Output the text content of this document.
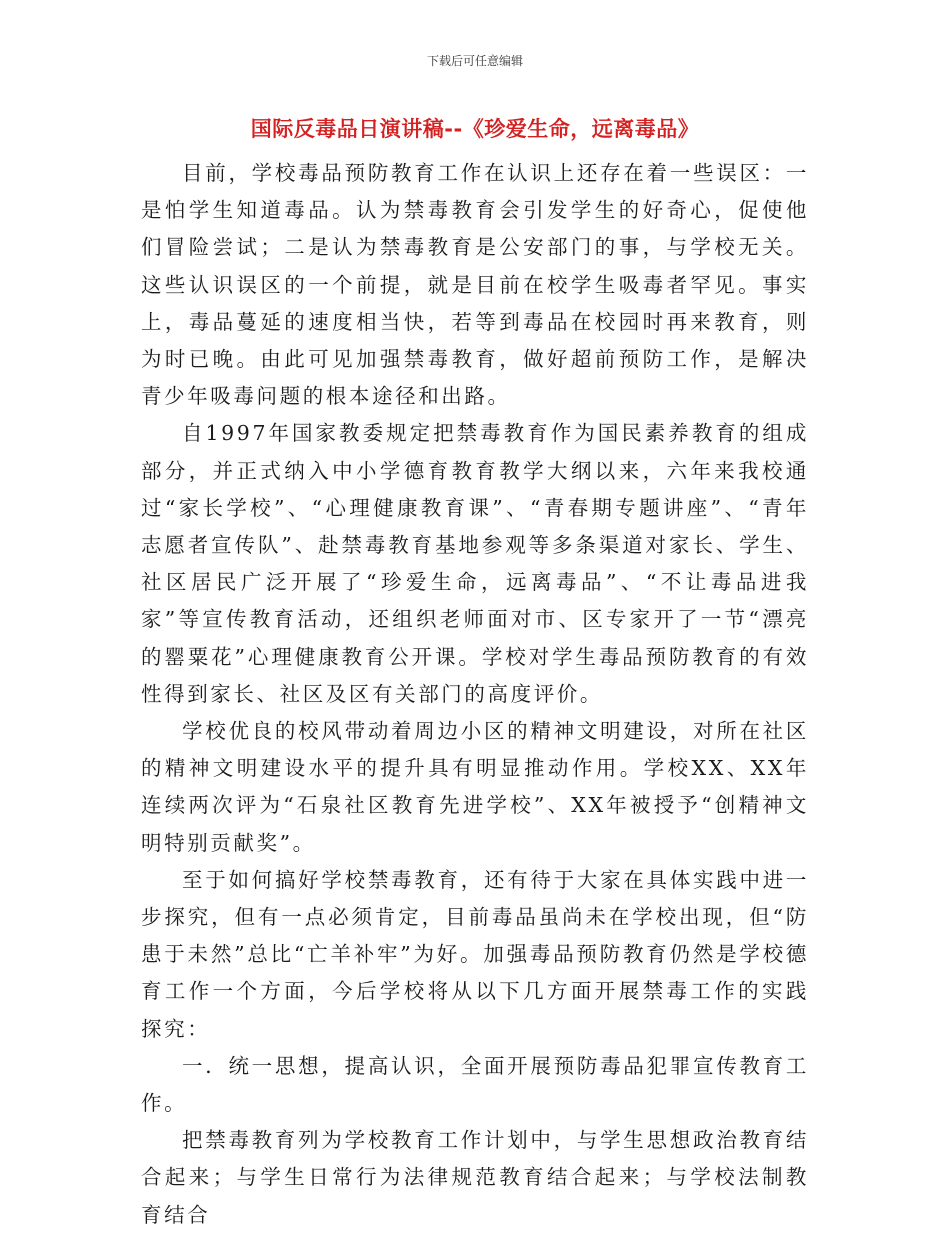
下载后可任意编辑
国际反毒品日演讲稿--《珍爱生命，远离毒品》

目前，学校毒品预防教育工作在认识上还存在着一些误区：一是怕学生知道毒品。认为禁毒教育会引发学生的好奇心，促使他们冒险尝试；二是认为禁毒教育是公安部门的事，与学校无关。这些认识误区的一个前提，就是目前在校学生吸毒者罕见。事实上，毒品蔓延的速度相当快，若等到毒品在校园时再来教育，则为时已晚。由此可见加强禁毒教育，做好超前预防工作，是解决青少年吸毒问题的根本途径和出路。

自1997年国家教委规定把禁毒教育作为国民素养教育的组成部分，并正式纳入中小学德育教育教学大纲以来，六年来我校通过“家长学校”、“心理健康教育课”、“青春期专题讲座”、“青年志愿者宣传队”、赴禁毒教育基地参观等多条渠道对家长、学生、社区居民广泛开展了“珍爱生命，远离毒品”、“不让毒品进我家”等宣传教育活动，还组织老师面对市、区专家开了一节“漂亮的罂粟花”心理健康教育公开课。学校对学生毒品预防教育的有效性得到家长、社区及区有关部门的高度评价。

学校优良的校风带动着周边小区的精神文明建设，对所在社区的精神文明建设水平的提升具有明显推动作用。学校XX、XX年连续两次评为“石泉社区教育先进学校”、XX年被授予“创精神文明特别贡献奖”。

至于如何搞好学校禁毒教育，还有待于大家在具体实践中进一步探究，但有一点必须肯定，目前毒品虽尚未在学校出现，但“防患于未然”总比“亡羊补牢”为好。加强毒品预防教育仍然是学校德育工作一个方面，今后学校将从以下几方面开展禁毒工作的实践探究：

一．统一思想，提高认识，全面开展预防毒品犯罪宣传教育工作。

把禁毒教育列为学校教育工作计划中，与学生思想政治教育结合起来；与学生日常行为法律规范教育结合起来；与学校法制教育结合
